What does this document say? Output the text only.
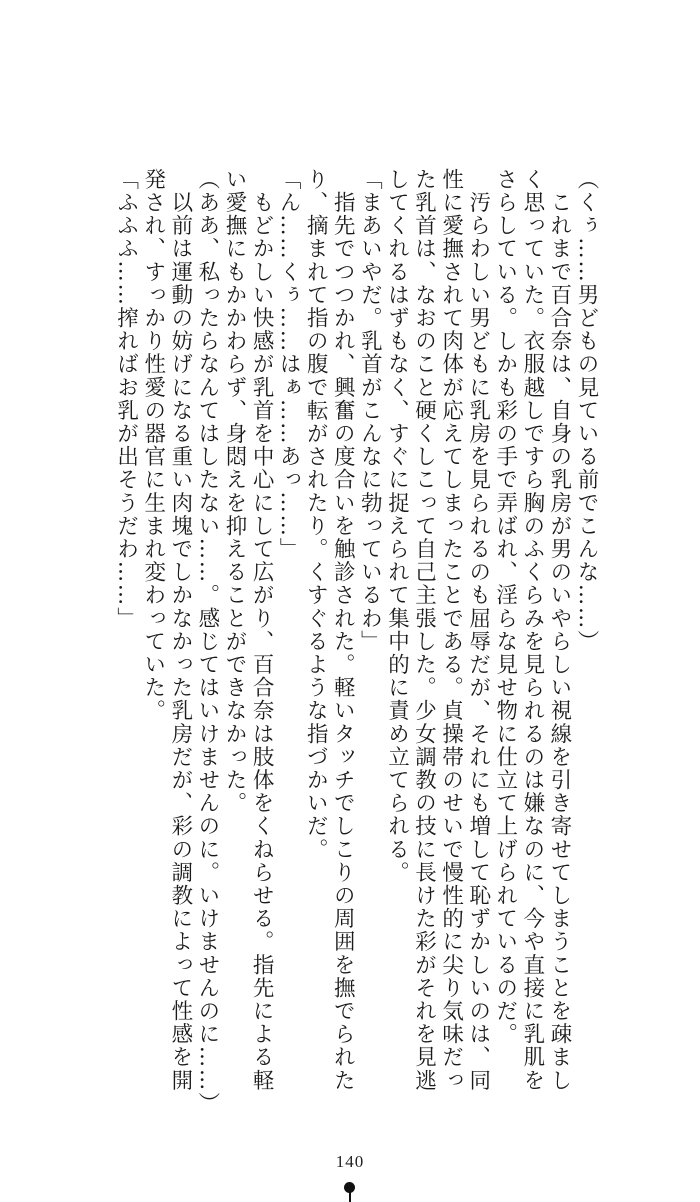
（くぅ……男どもの見ている前でこんな……）

　これまで百合奈は、自身の乳房が男のいやらしい視線を引き寄せてしまうことを疎まし

く思っていた。衣服越しですら胸のふくらみを見られるのは嫌なのに、今や直接に乳肌を

さらしている。しかも彩の手で弄ばれ、淫らな見せ物に仕立て上げられているのだ。

　汚らわしい男どもに乳房を見られるのも屈辱だが、それにも増して恥ずかしいのは、同

性に愛撫されて肉体が応えてしまったことである。貞操帯のせいで慢性的に尖り気味だっ

た乳首は、なおのこと硬くしこって自己主張した。少女調教の技に長けた彩がそれを見逃

してくれるはずもなく、すぐに捉えられて集中的に責め立てられる。

「まあいやだ。乳首がこんなに勃っているわ」

　指先でつつかれ、興奮の度合いを触診された。軽いタッチでしこりの周囲を撫でられた

り、摘まれて指の腹で転がされたり。くすぐるような指づかいだ。

「ん……くぅ……はぁ……あっ……」

　もどかしい快感が乳首を中心にして広がり、百合奈は肢体をくねらせる。指先による軽

い愛撫にもかかわらず、身悶えを抑えることができなかった。

（ああ、私ったらなんてはしたない……。感じてはいけませんのに。いけませんのに……）

　以前は運動の妨げになる重い肉塊でしかなかった乳房だが、彩の調教によって性感を開

発され、すっかり性愛の器官に生まれ変わっていた。

「ふふふ……搾ればお乳が出そうだわ……」

140
